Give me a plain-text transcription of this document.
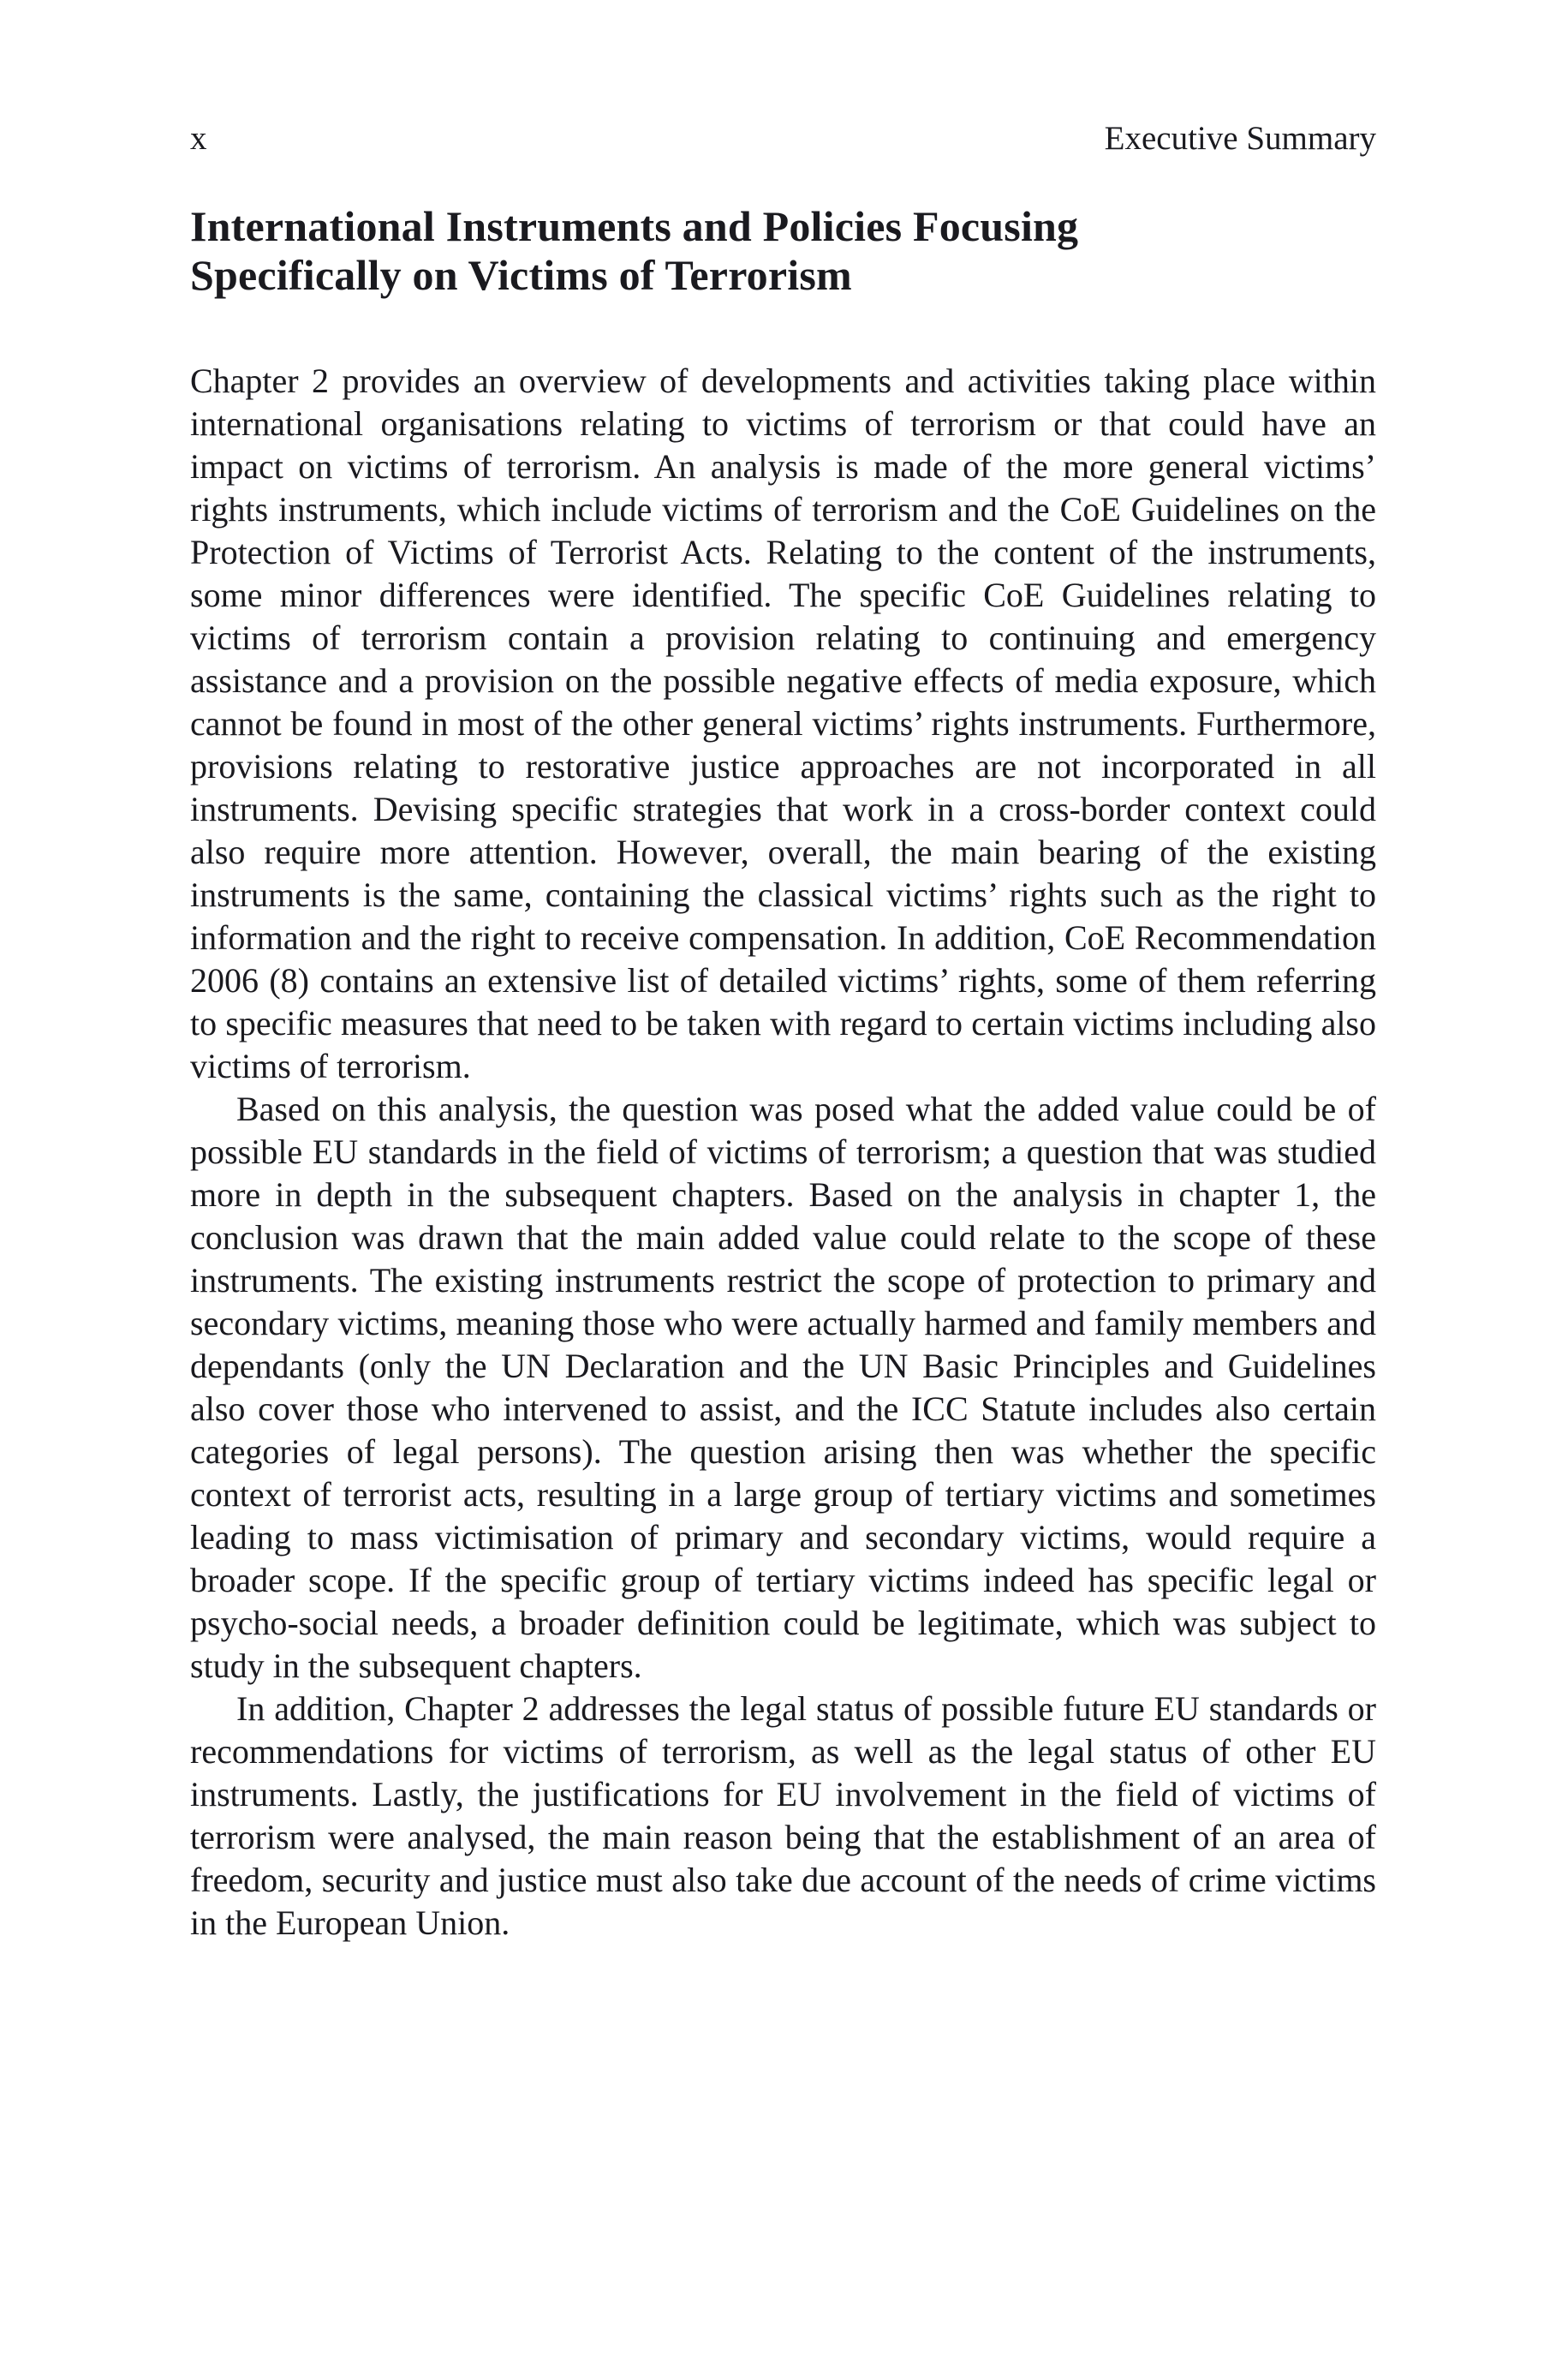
x	Executive Summary
International Instruments and Policies Focusing
Specifically on Victims of Terrorism

Chapter 2 provides an overview of developments and activities taking place within international organisations relating to victims of terrorism or that could have an impact on victims of terrorism. An analysis is made of the more general victims’ rights instruments, which include victims of terrorism and the CoE Guidelines on the Protection of Victims of Terrorist Acts. Relating to the content of the instruments, some minor differences were identified. The specific CoE Guidelines relating to victims of terrorism contain a provision relating to continuing and emergency assistance and a provision on the possible negative effects of media exposure, which cannot be found in most of the other general victims’ rights instruments. Furthermore, provisions relating to restorative justice approaches are not incorporated in all instruments. Devising specific strategies that work in a cross-border context could also require more attention. However, overall, the main bearing of the existing instruments is the same, containing the classical victims’ rights such as the right to information and the right to receive compensation. In addition, CoE Recommendation 2006 (8) contains an extensive list of detailed victims’ rights, some of them referring to specific measures that need to be taken with regard to certain victims including also victims of terrorism.

Based on this analysis, the question was posed what the added value could be of possible EU standards in the field of victims of terrorism; a question that was studied more in depth in the subsequent chapters. Based on the analysis in chapter 1, the conclusion was drawn that the main added value could relate to the scope of these instruments. The existing instruments restrict the scope of protection to primary and secondary victims, meaning those who were actually harmed and family members and dependants (only the UN Declaration and the UN Basic Principles and Guidelines also cover those who intervened to assist, and the ICC Statute includes also certain categories of legal persons). The question arising then was whether the specific context of terrorist acts, resulting in a large group of tertiary victims and sometimes leading to mass victimisation of primary and secondary victims, would require a broader scope. If the specific group of tertiary victims indeed has specific legal or psycho-social needs, a broader definition could be legitimate, which was subject to study in the subsequent chapters.

In addition, Chapter 2 addresses the legal status of possible future EU standards or recommendations for victims of terrorism, as well as the legal status of other EU instruments. Lastly, the justifications for EU involvement in the field of victims of terrorism were analysed, the main reason being that the establishment of an area of freedom, security and justice must also take due account of the needs of crime victims in the European Union.
